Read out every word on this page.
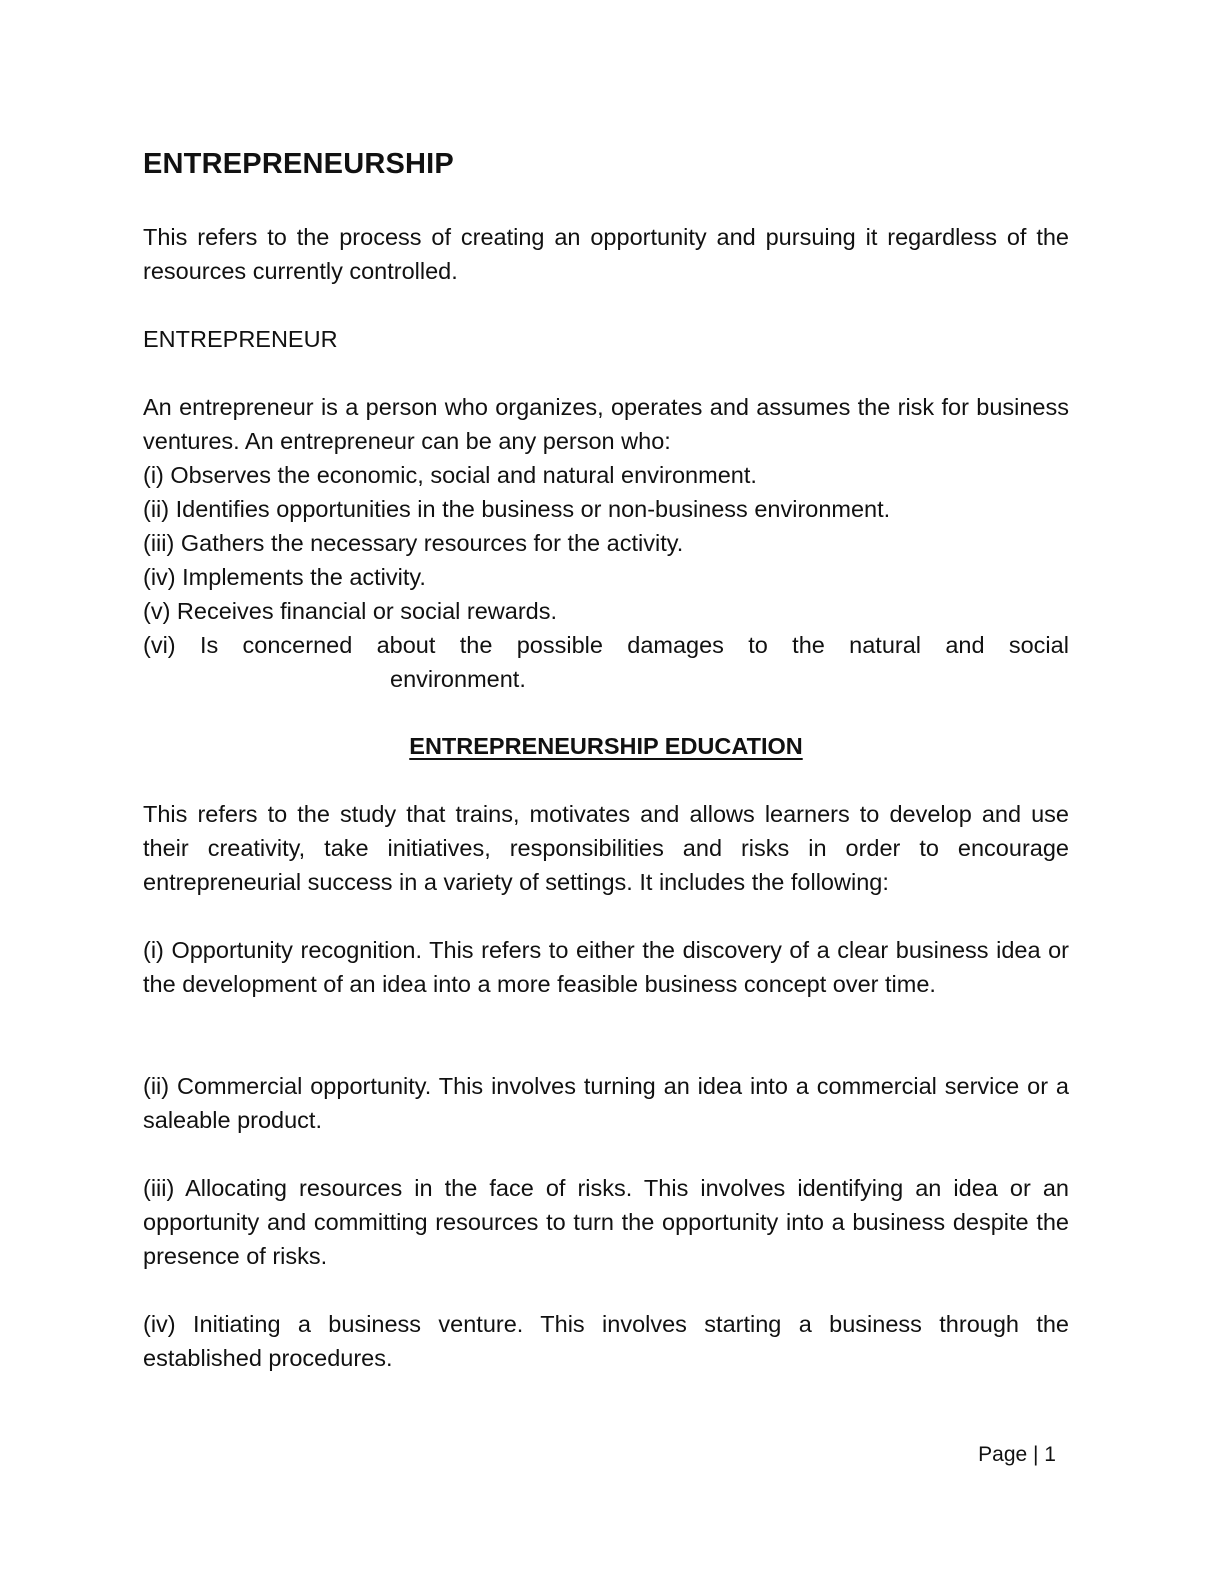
ENTREPRENEURSHIP

This refers to the process of creating an opportunity and pursuing it regardless of the resources currently controlled.

ENTREPRENEUR

An entrepreneur is a person who organizes, operates and assumes the risk for business ventures. An entrepreneur can be any person who:

(i) Observes the economic, social and natural environment.
(ii) Identifies opportunities in the business or non-business environment.
(iii) Gathers the necessary resources for the activity.
(iv) Implements the activity.
(v) Receives financial or social rewards.
(vi) Is concerned about the possible damages to the natural and social
environment.
ENTREPRENEURSHIP EDUCATION

This refers to the study that trains, motivates and allows learners to develop and use their creativity, take initiatives, responsibilities and risks in order to encourage entrepreneurial success in a variety of settings. It includes the following:

(i) Opportunity recognition. This refers to either the discovery of a clear business idea or the development of an idea into a more feasible business concept over time.

(ii) Commercial opportunity. This involves turning an idea into a commercial service or a saleable product.

(iii) Allocating resources in the face of risks. This involves identifying an idea or an opportunity and committing resources to turn the opportunity into a business despite the presence of risks.

(iv) Initiating a business venture. This involves starting a business through the established procedures.

Page | 1
